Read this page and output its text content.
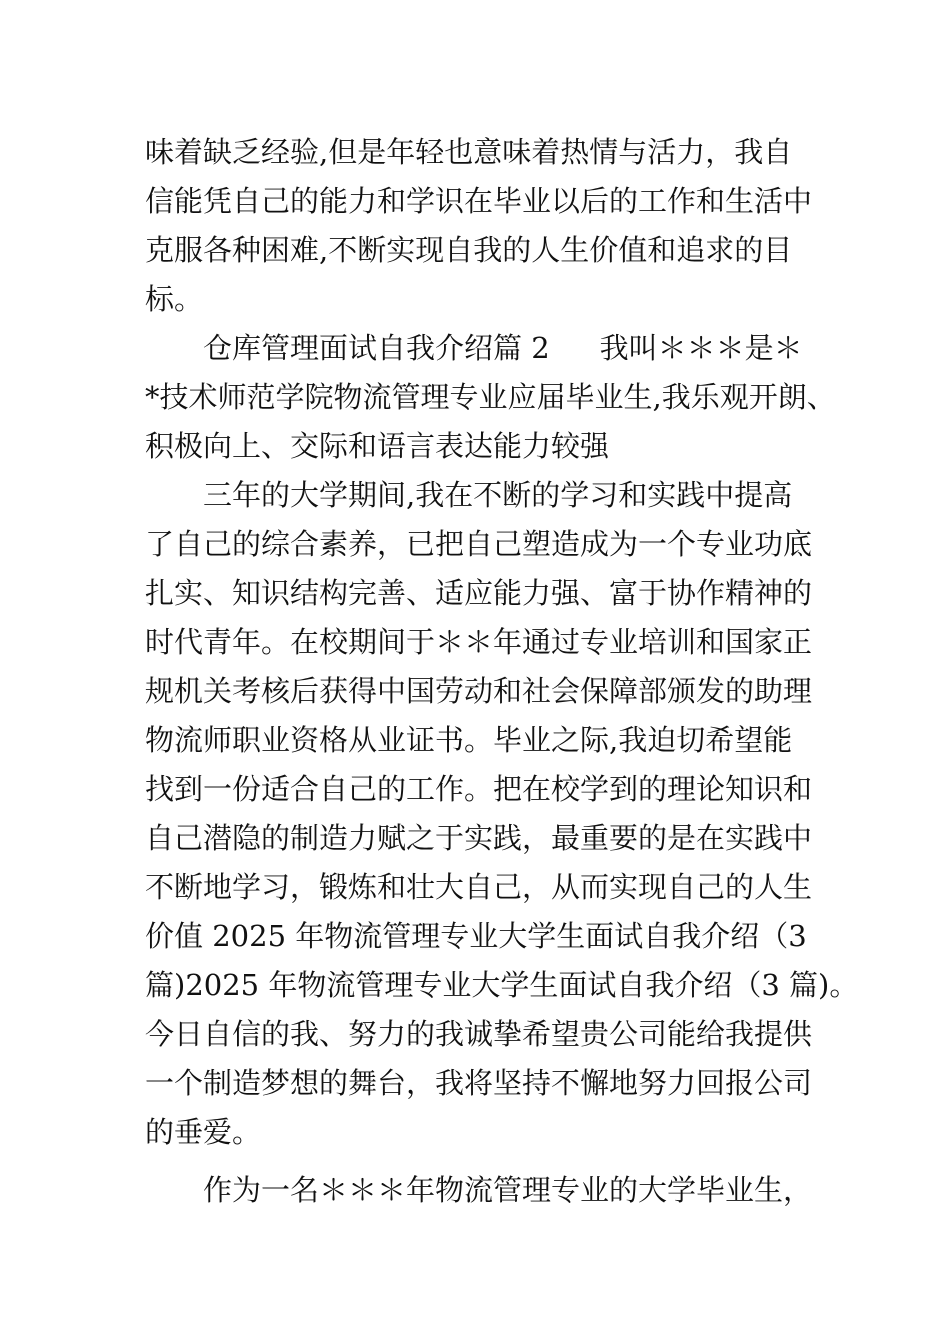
味着缺乏经验,但是年轻也意味着热情与活力，我自
信能凭自己的能力和学识在毕业以后的工作和生活中
克服各种困难,不断实现自我的人生价值和追求的目
标。
仓库管理面试自我介绍篇 2 我叫＊＊＊是＊
*技术师范学院物流管理专业应届毕业生,我乐观开朗、
积极向上、交际和语言表达能力较强
三年的大学期间,我在不断的学习和实践中提高
了自己的综合素养，已把自己塑造成为一个专业功底
扎实、知识结构完善、适应能力强、富于协作精神的
时代青年。在校期间于＊＊年通过专业培训和国家正
规机关考核后获得中国劳动和社会保障部颁发的助理
物流师职业资格从业证书。毕业之际,我迫切希望能
找到一份适合自己的工作。把在校学到的理论知识和
自己潜隐的制造力赋之于实践，最重要的是在实践中
不断地学习，锻炼和壮大自己，从而实现自己的人生
价值 2025 年物流管理专业大学生面试自我介绍（3
篇)2025 年物流管理专业大学生面试自我介绍（3 篇)。
今日自信的我、努力的我诚挚希望贵公司能给我提供
一个制造梦想的舞台，我将坚持不懈地努力回报公司
的垂爱。
作为一名＊＊＊年物流管理专业的大学毕业生，
